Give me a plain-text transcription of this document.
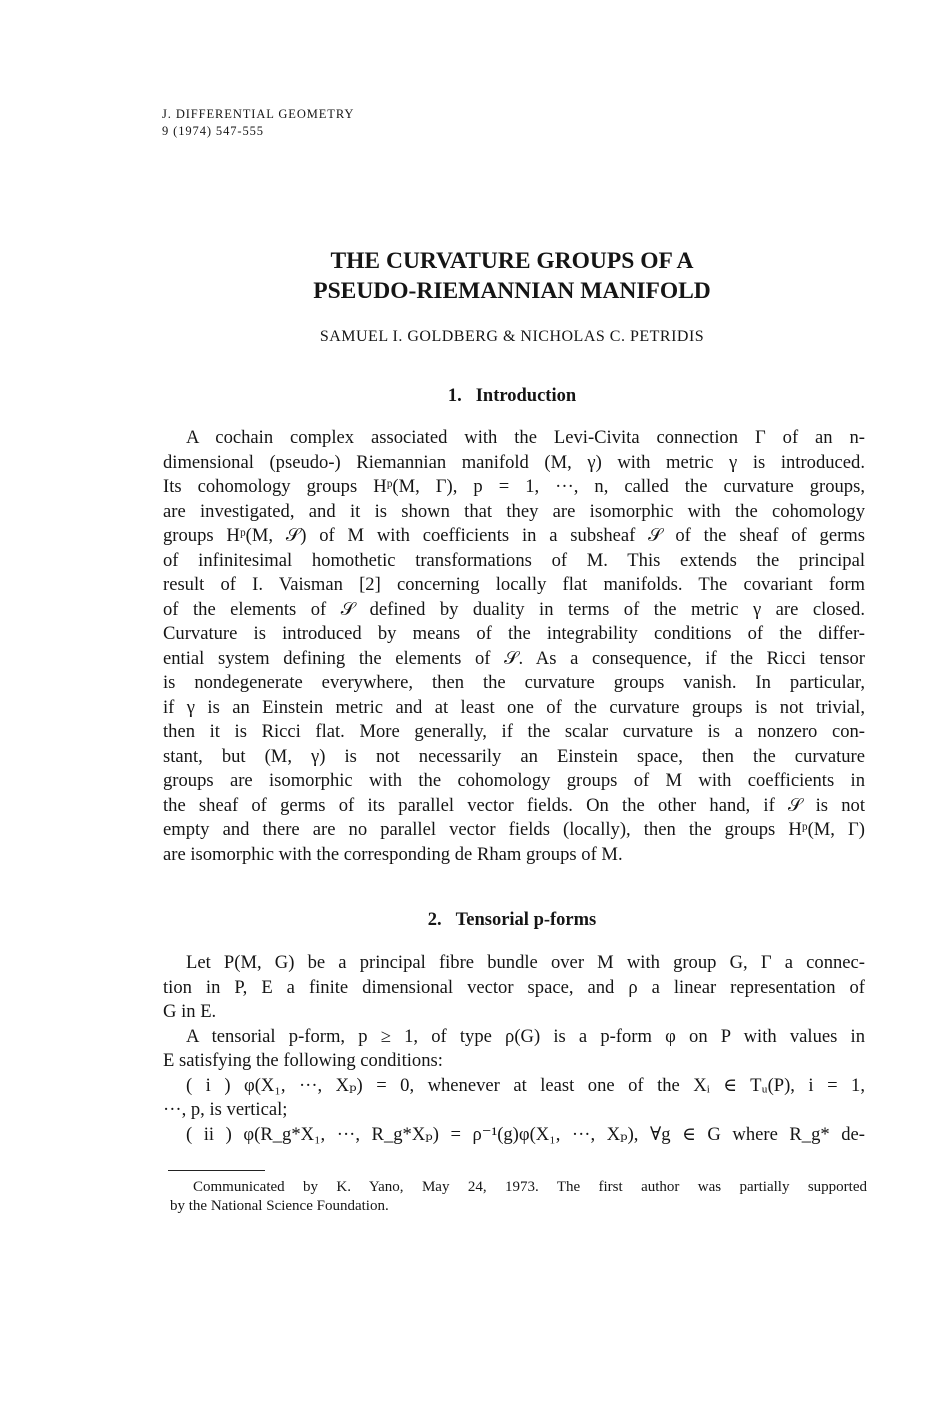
J. DIFFERENTIAL GEOMETRY
9 (1974) 547-555
THE CURVATURE GROUPS OF A
PSEUDO-RIEMANNIAN MANIFOLD
SAMUEL I. GOLDBERG & NICHOLAS C. PETRIDIS
1. Introduction
A cochain complex associated with the Levi-Civita connection Γ of an n-
dimensional (pseudo-) Riemannian manifold (M, γ) with metric γ is introduced.
Its cohomology groups Hᵖ(M, Γ), p = 1, ···, n, called the curvature groups,
are investigated, and it is shown that they are isomorphic with the cohomology
groups Hᵖ(M, 𝒮) of M with coefficients in a subsheaf 𝒮 of the sheaf of germs
of infinitesimal homothetic transformations of M. This extends the principal
result of I. Vaisman [2] concerning locally flat manifolds. The covariant form
of the elements of 𝒮 defined by duality in terms of the metric γ are closed.
Curvature is introduced by means of the integrability conditions of the differ-
ential system defining the elements of 𝒮. As a consequence, if the Ricci tensor
is nondegenerate everywhere, then the curvature groups vanish. In particular,
if γ is an Einstein metric and at least one of the curvature groups is not trivial,
then it is Ricci flat. More generally, if the scalar curvature is a nonzero con-
stant, but (M, γ) is not necessarily an Einstein space, then the curvature
groups are isomorphic with the cohomology groups of M with coefficients in
the sheaf of germs of its parallel vector fields. On the other hand, if 𝒮 is not
empty and there are no parallel vector fields (locally), then the groups Hᵖ(M, Γ)
are isomorphic with the corresponding de Rham groups of M.
2. Tensorial p-forms
Let P(M, G) be a principal fibre bundle over M with group G, Γ a connec-
tion in P, E a finite dimensional vector space, and ρ a linear representation of
G in E.
A tensorial p-form, p ≥ 1, of type ρ(G) is a p-form φ on P with values in
E satisfying the following conditions:
( i ) φ(X₁, ···, Xₚ) = 0, whenever at least one of the Xᵢ ∈ Tᵤ(P), i = 1,
···, p, is vertical;
( ii ) φ(R_g*X₁, ···, R_g*Xₚ) = ρ⁻¹(g)φ(X₁, ···, Xₚ), ∀g ∈ G where R_g* de-
Communicated by K. Yano, May 24, 1973. The first author was partially supported
by the National Science Foundation.
